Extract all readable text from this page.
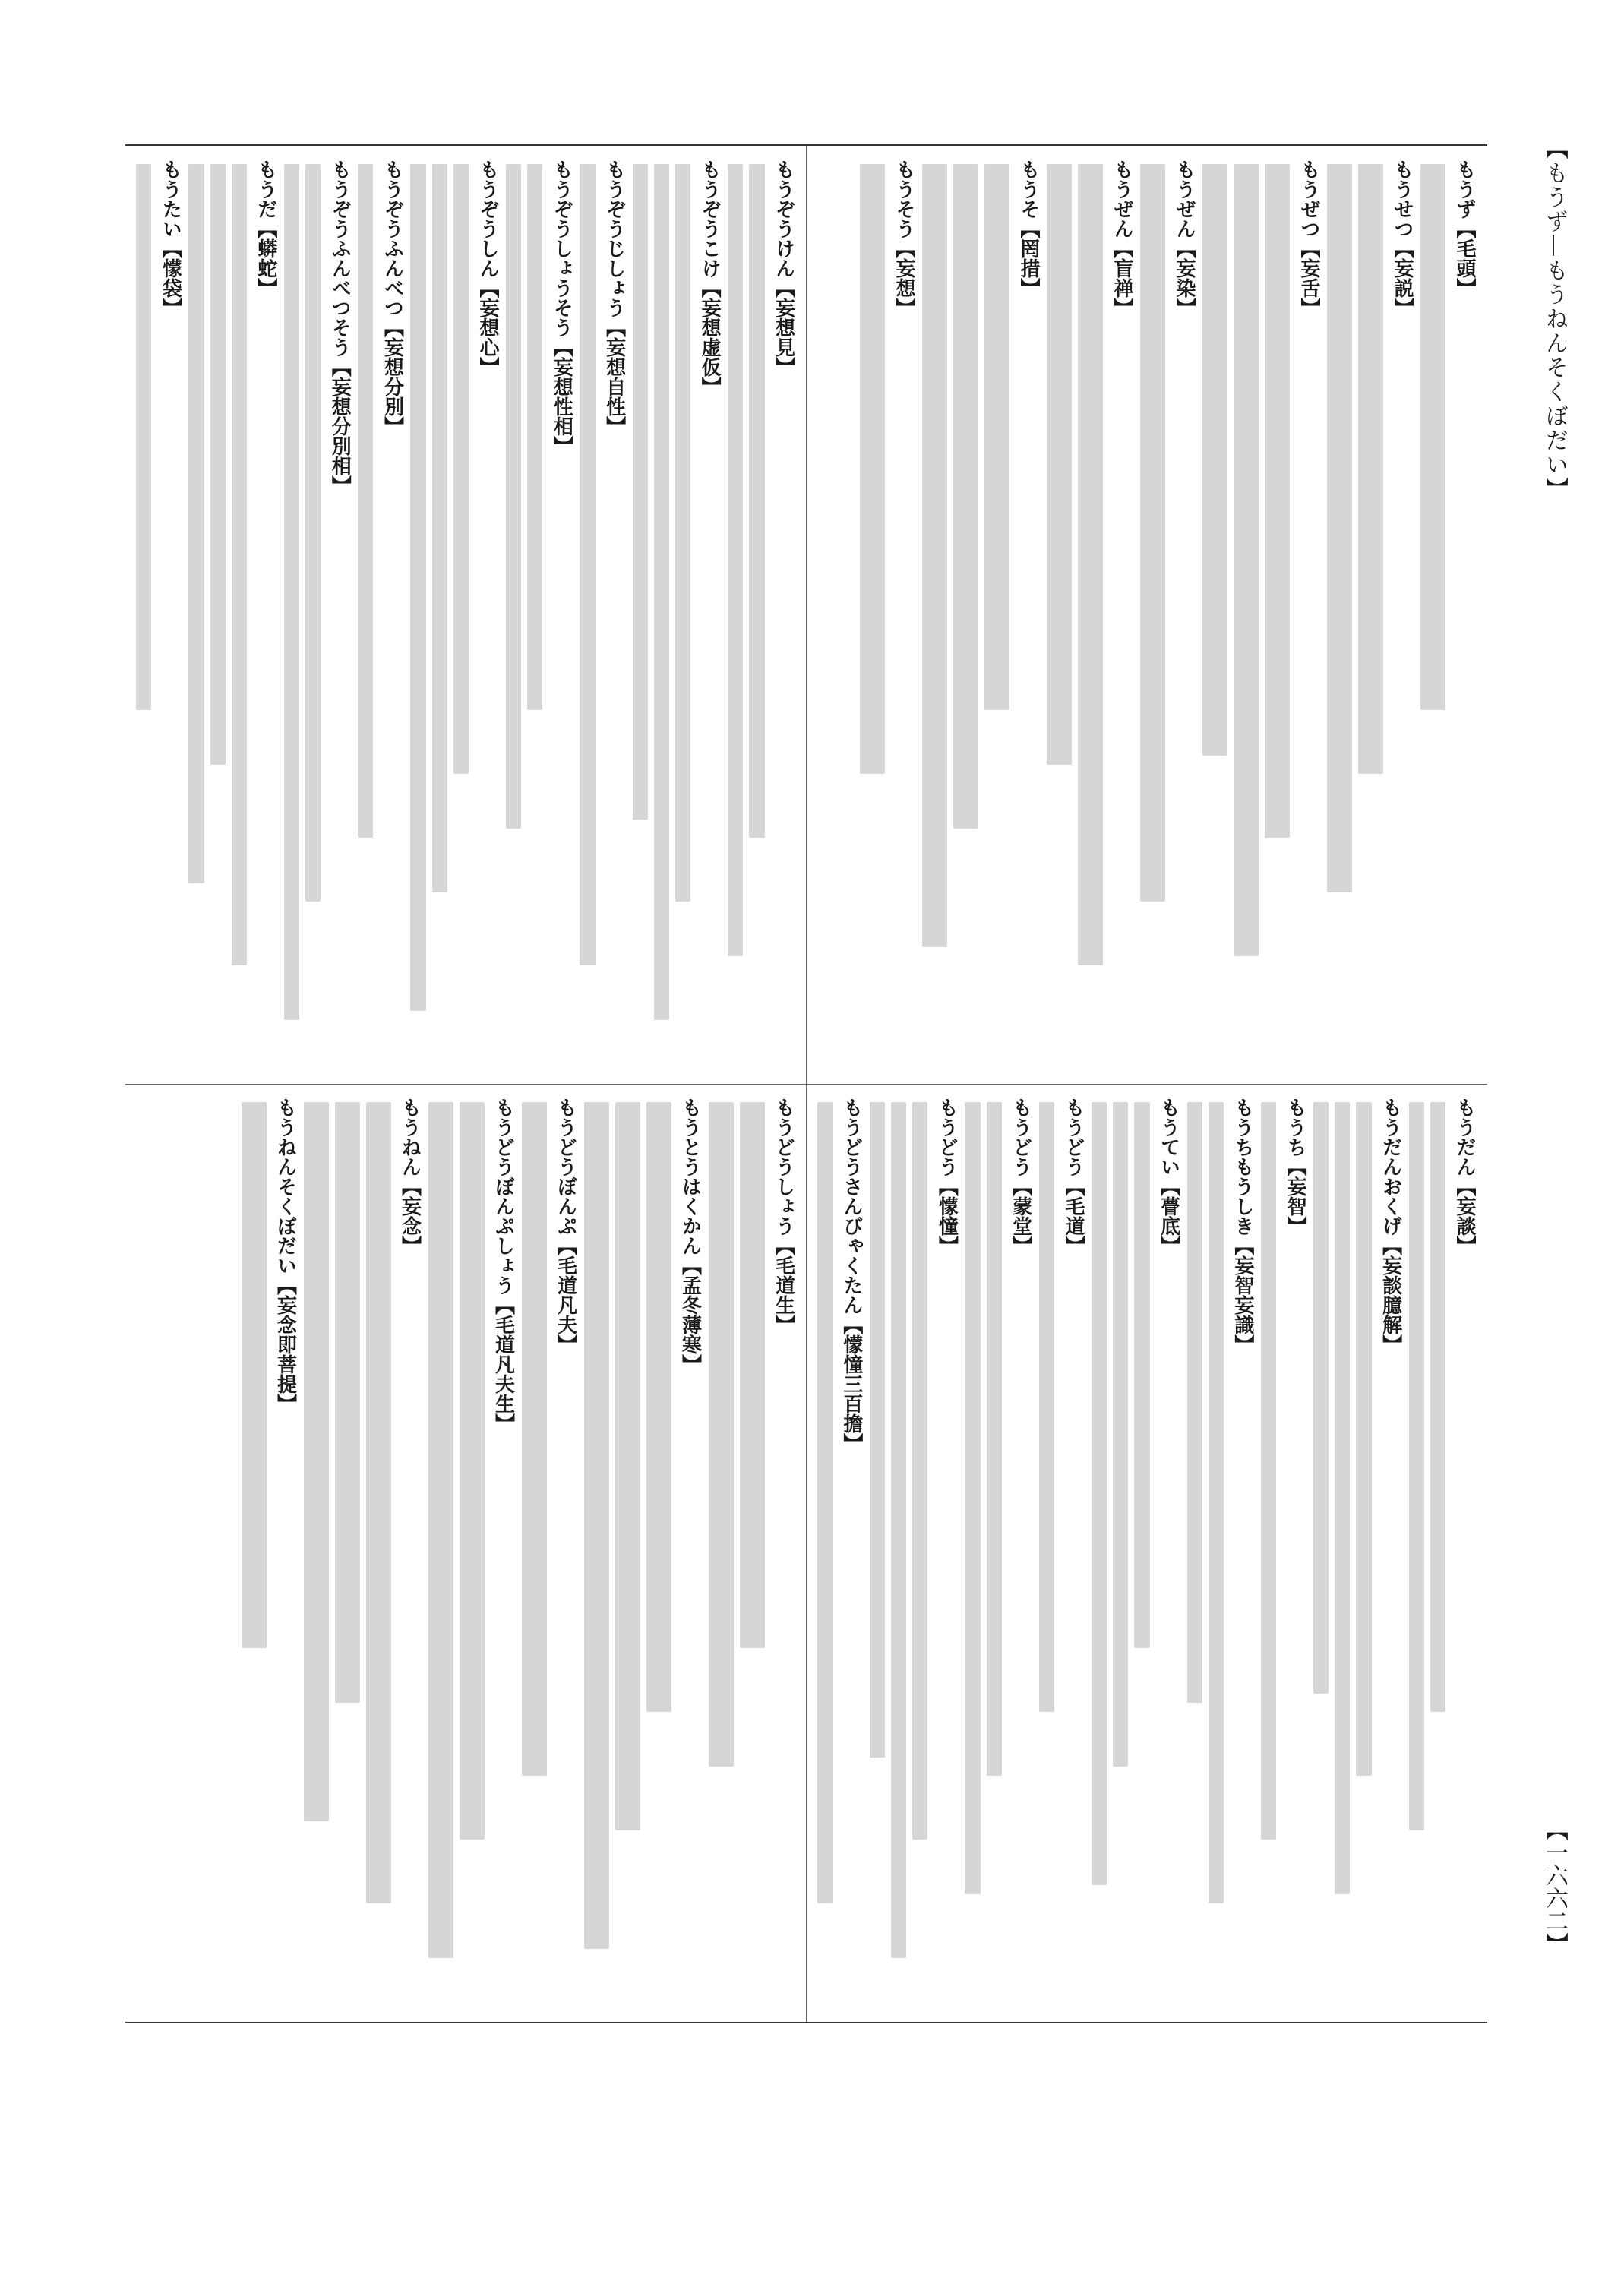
【もうず—もうねんそくぼだい】
【一六六二】
もうず【毛頭】
もうせつ【妄説】
もうぜつ【妄舌】
もうぜん【妄染】
もうぜん【盲禅】
もうそ【罔措】
もうそう【妄想】
もうぞうけん【妄想見】
もうぞうこけ【妄想虚仮】
もうぞうじしょう【妄想自性】
もうぞうしょうそう【妄想性相】
もうぞうしん【妄想心】
もうぞうふんべつ【妄想分別】
もうぞうふんべつそう【妄想分別相】
もうだ【蟒蛇】
もうたい【懞袋】
もうだん【妄談】
もうだんおくげ【妄談臆解】
もうち【妄智】
もうちもうしき【妄智妄識】
もうてい【瞢底】
もうどう【毛道】
もうどう【蒙堂】
もうどう【懞憧】
もうどうさんびゃくたん【懞憧三百擔】
もうどうしょう【毛道生】
もうとうはくかん【孟冬薄寒】
もうどうぼんぷ【毛道凡夫】
もうどうぼんぷしょう【毛道凡夫生】
もうねん【妄念】
もうねんそくぼだい【妄念即菩提】
